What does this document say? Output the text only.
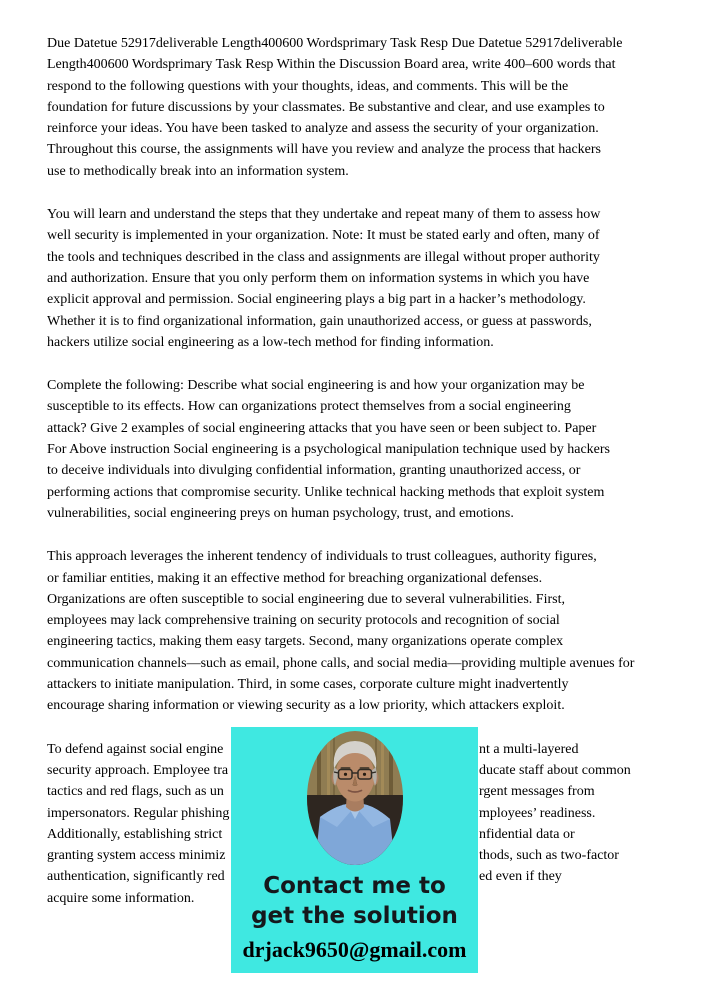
Due Datetue 52917deliverable Length400600 Wordsprimary Task Resp Due Datetue 52917deliverable
Length400600 Wordsprimary Task Resp Within the Discussion Board area, write 400–600 words that
respond to the following questions with your thoughts, ideas, and comments. This will be the
foundation for future discussions by your classmates. Be substantive and clear, and use examples to
reinforce your ideas. You have been tasked to analyze and assess the security of your organization.
Throughout this course, the assignments will have you review and analyze the process that hackers
use to methodically break into an information system.
You will learn and understand the steps that they undertake and repeat many of them to assess how
well security is implemented in your organization. Note: It must be stated early and often, many of
the tools and techniques described in the class and assignments are illegal without proper authority
and authorization. Ensure that you only perform them on information systems in which you have
explicit approval and permission. Social engineering plays a big part in a hacker’s methodology.
Whether it is to find organizational information, gain unauthorized access, or guess at passwords,
hackers utilize social engineering as a low-tech method for finding information.
Complete the following: Describe what social engineering is and how your organization may be
susceptible to its effects. How can organizations protect themselves from a social engineering
attack? Give 2 examples of social engineering attacks that you have seen or been subject to. Paper
For Above instruction Social engineering is a psychological manipulation technique used by hackers
to deceive individuals into divulging confidential information, granting unauthorized access, or
performing actions that compromise security. Unlike technical hacking methods that exploit system
vulnerabilities, social engineering preys on human psychology, trust, and emotions.
This approach leverages the inherent tendency of individuals to trust colleagues, authority figures,
or familiar entities, making it an effective method for breaching organizational defenses.
Organizations are often susceptible to social engineering due to several vulnerabilities. First,
employees may lack comprehensive training on security protocols and recognition of social
engineering tactics, making them easy targets. Second, many organizations operate complex
communication channels—such as email, phone calls, and social media—providing multiple avenues for
attackers to initiate manipulation. Third, in some cases, corporate culture might inadvertently
encourage sharing information or viewing security as a low priority, which attackers exploit.
To defend against social engine	nt a multi-layered
security approach. Employee tra	ducate staff about common
tactics and red flags, such as un	rgent messages from
impersonators. Regular phishing	mployees’ readiness.
Additionally, establishing strict	nfidential data or
granting system access minimiz	thods, such as two-factor
authentication, significantly red	ed even if they
acquire some information.	Contact me to
get the solution
drjack9650@gmail.com
